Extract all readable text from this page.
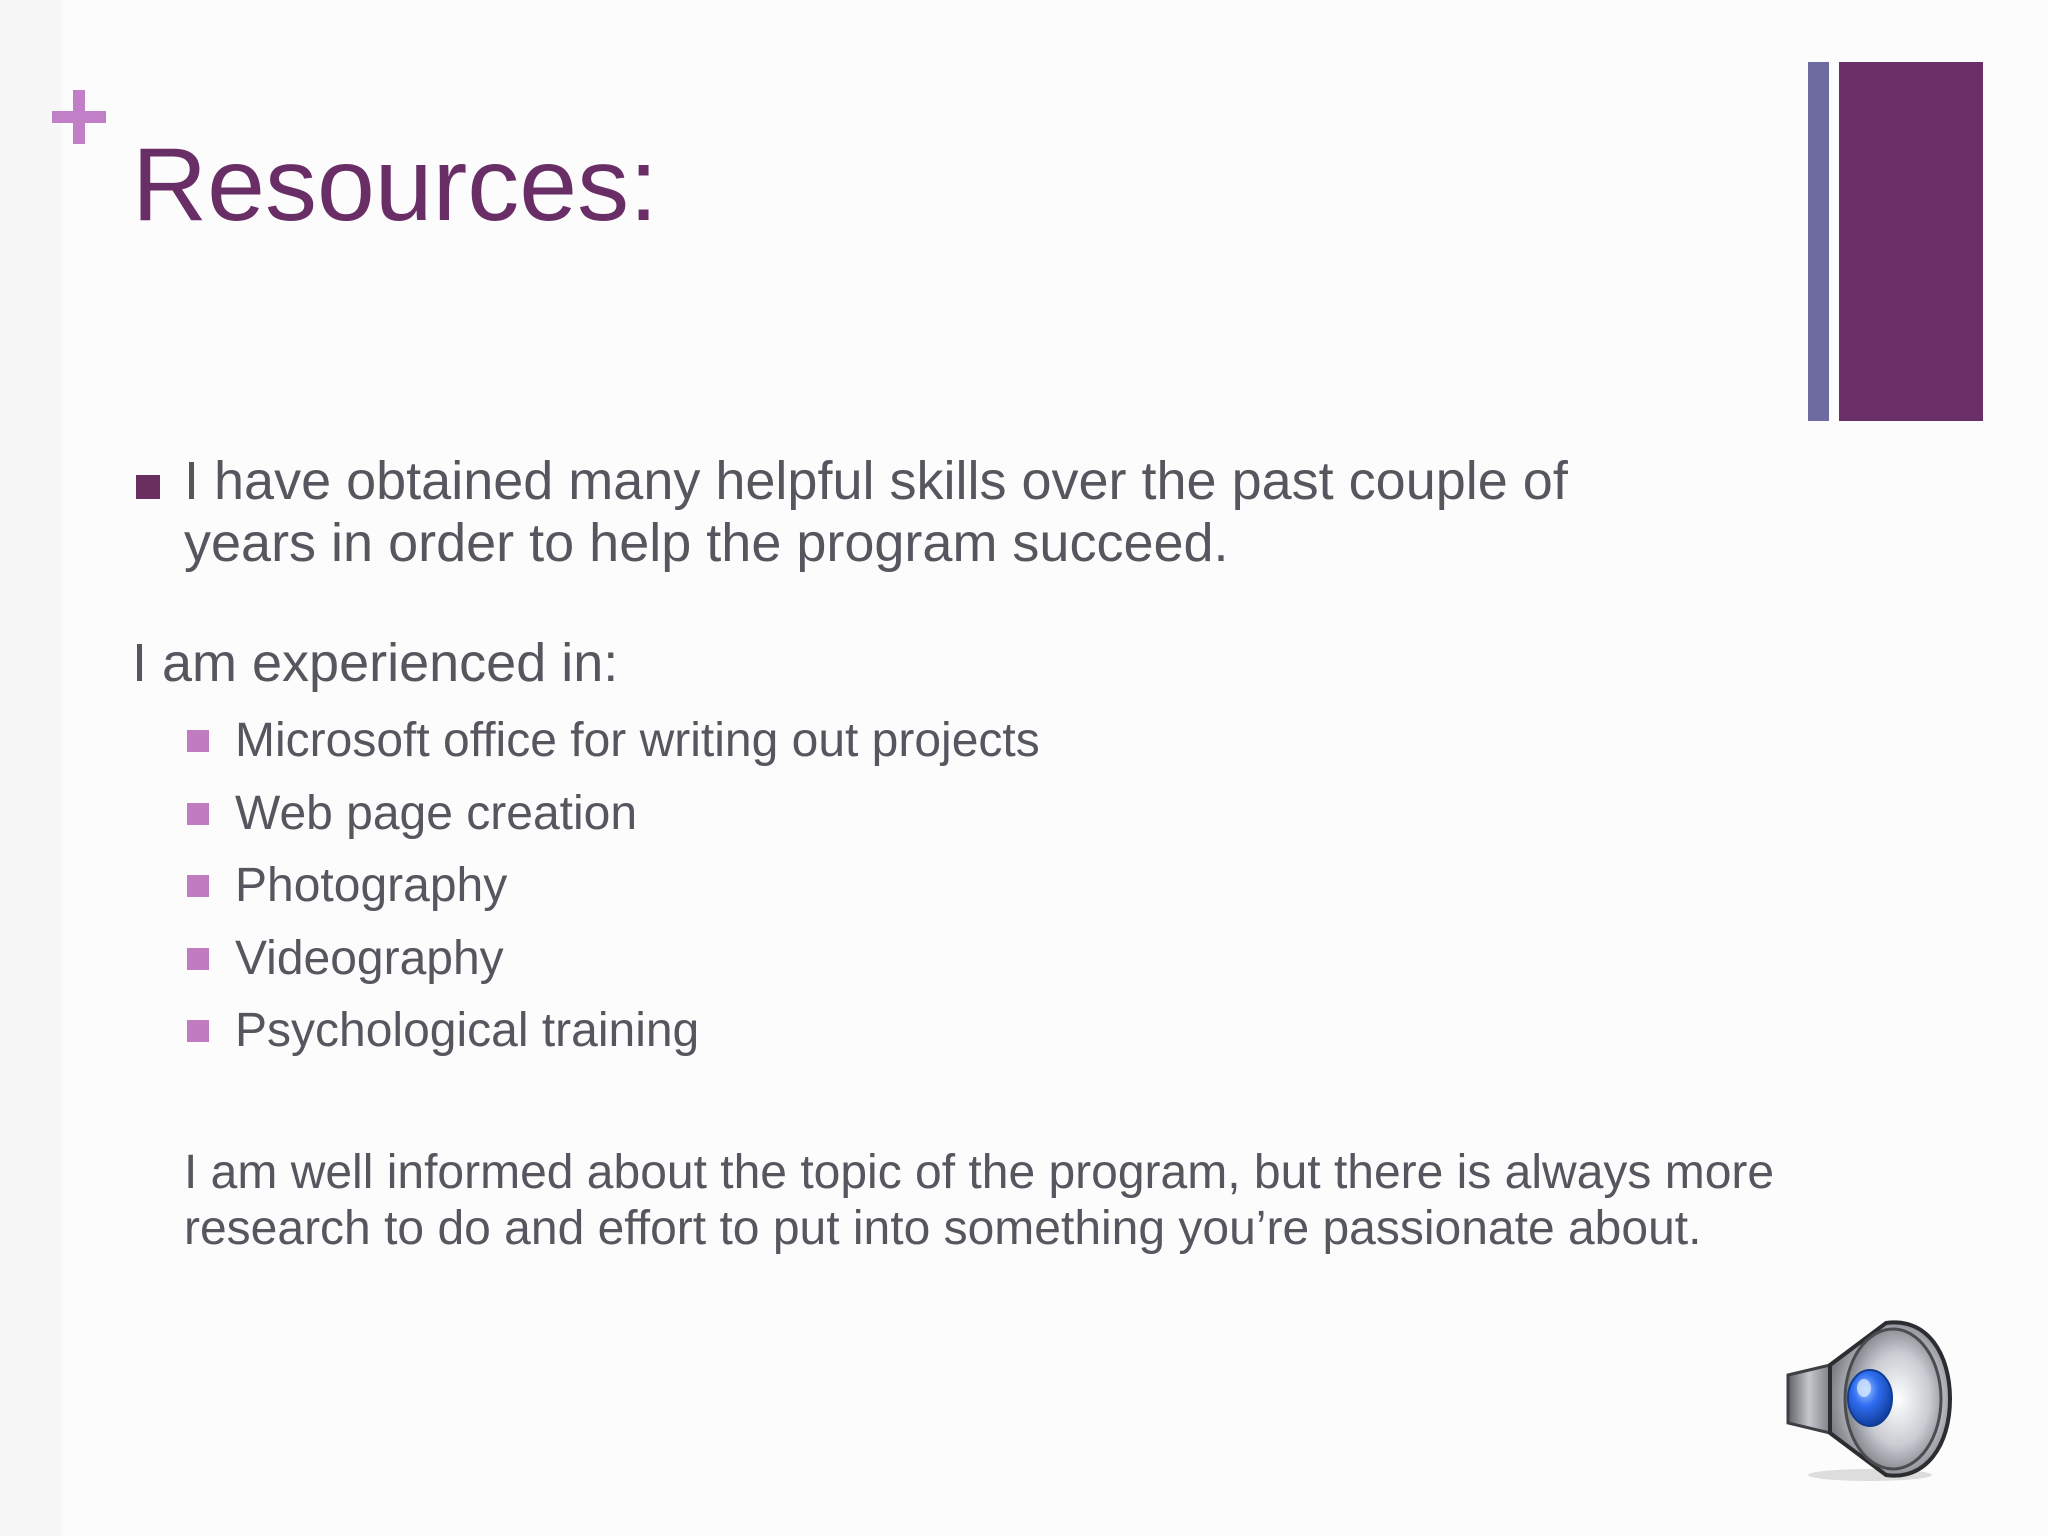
Resources:
I have obtained many helpful skills over the past couple of years in order to help the program succeed.
I am experienced in:
Microsoft office for writing out projects
Web page creation
Photography
Videography
Psychological training
I am well informed about the topic of the program, but there is always more research to do and effort to put into something you’re passionate about.
